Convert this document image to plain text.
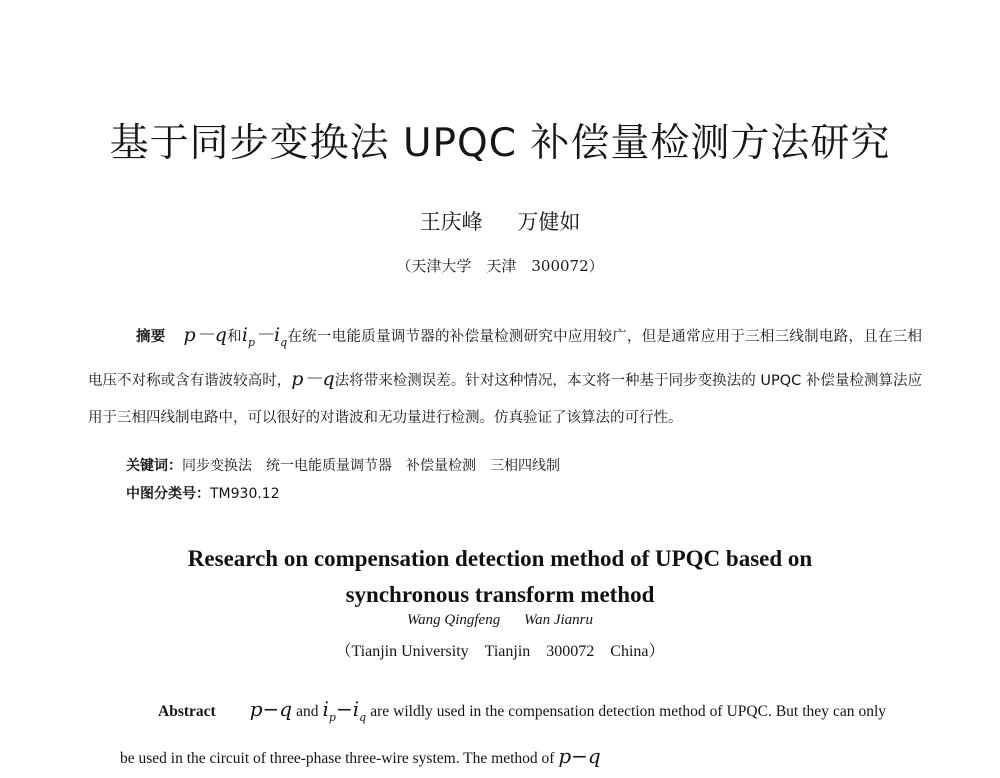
基于同步变换法 UPQC 补偿量检测方法研究
王庆峰 万健如
（天津大学　天津　300072）
摘要 p－q和$i_p-i_q$在统一电能质量调节器的补偿量检测研究中应用较广，但是通常应用于三相三线制电路，且在三相电压不对称或含有谐波较高时，p－q法将带来检测误差。针对这种情况，本文将一种基于同步变换法的 UPQC 补偿量检测算法应用于三相四线制电路中，可以很好的对谐波和无功量进行检测。仿真验证了该算法的可行性。
关键词：同步变换法　统一电能质量调节器　补偿量检测　三相四线制
中图分类号：TM930.12
Research on compensation detection method of UPQC based on
synchronous transform method
Wang Qingfeng Wan Jianru
（Tianjin University　Tianjin　300072　China）
Abstract p−q and $i_p-i_q$ are wildly used in the compensation detection method of UPQC. But they can only be used in the circuit of three-phase three-wire system. The method of p−q
